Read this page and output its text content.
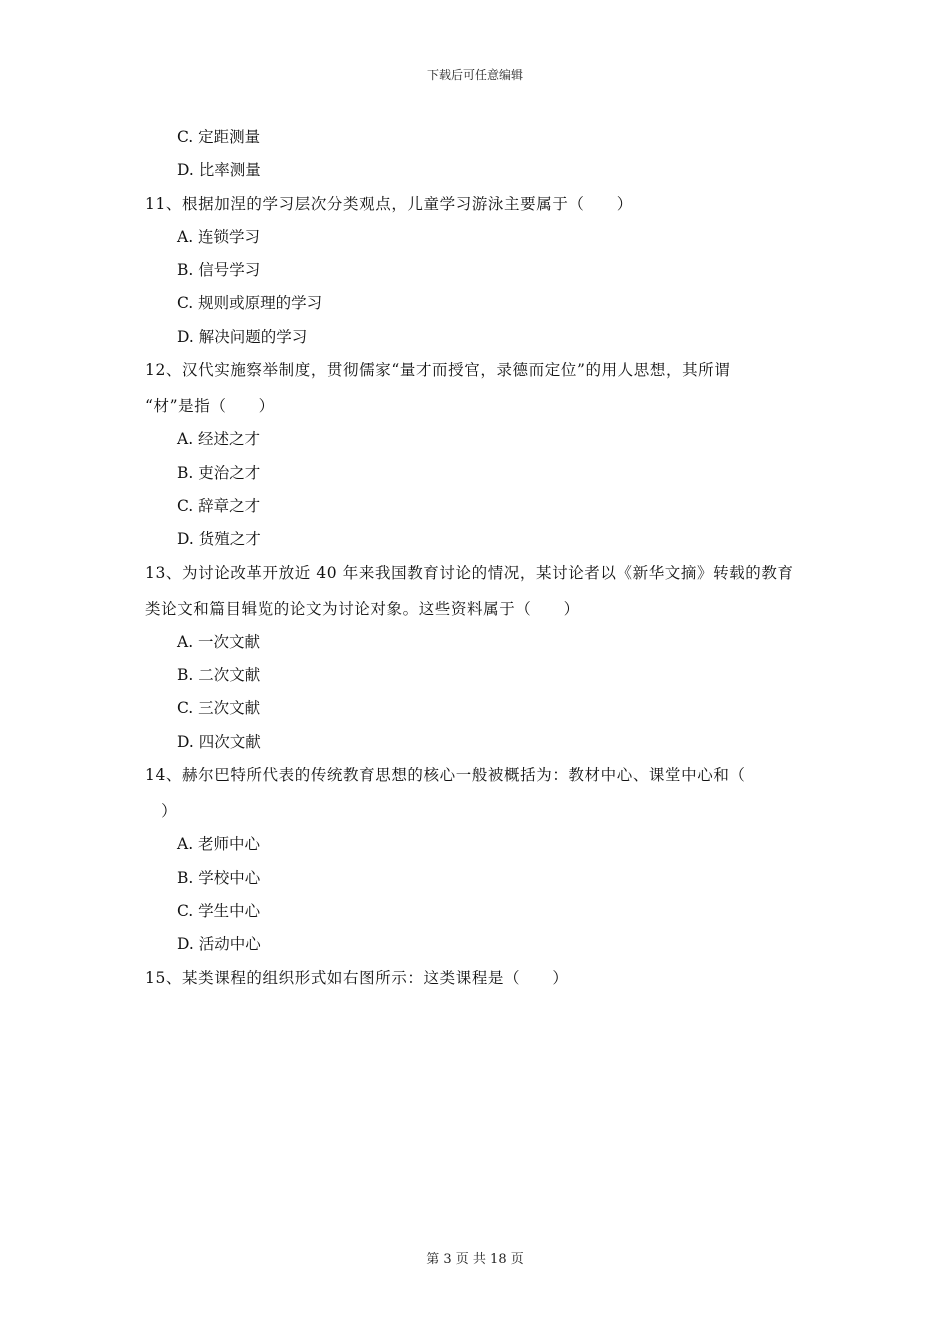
下载后可任意编辑
C. 定距测量
D. 比率测量
11、根据加涅的学习层次分类观点，儿童学习游泳主要属于（　　）
A. 连锁学习
B. 信号学习
C. 规则或原理的学习
D. 解决问题的学习
12、汉代实施察举制度，贯彻儒家“量才而授官，录德而定位”的用人思想，其所谓
“材”是指（　　）
A. 经述之才
B. 吏治之才
C. 辞章之才
D. 货殖之才
13、为讨论改革开放近 40 年来我国教育讨论的情况，某讨论者以《新华文摘》转载的教育
类论文和篇目辑览的论文为讨论对象。这些资料属于（　　）
A. 一次文献
B. 二次文献
C. 三次文献
D. 四次文献
14、赫尔巴特所代表的传统教育思想的核心一般被概括为：教材中心、课堂中心和（
　）
A. 老师中心
B. 学校中心
C. 学生中心
D. 活动中心
15、某类课程的组织形式如右图所示：这类课程是（　　）
第 3 页 共 18 页
